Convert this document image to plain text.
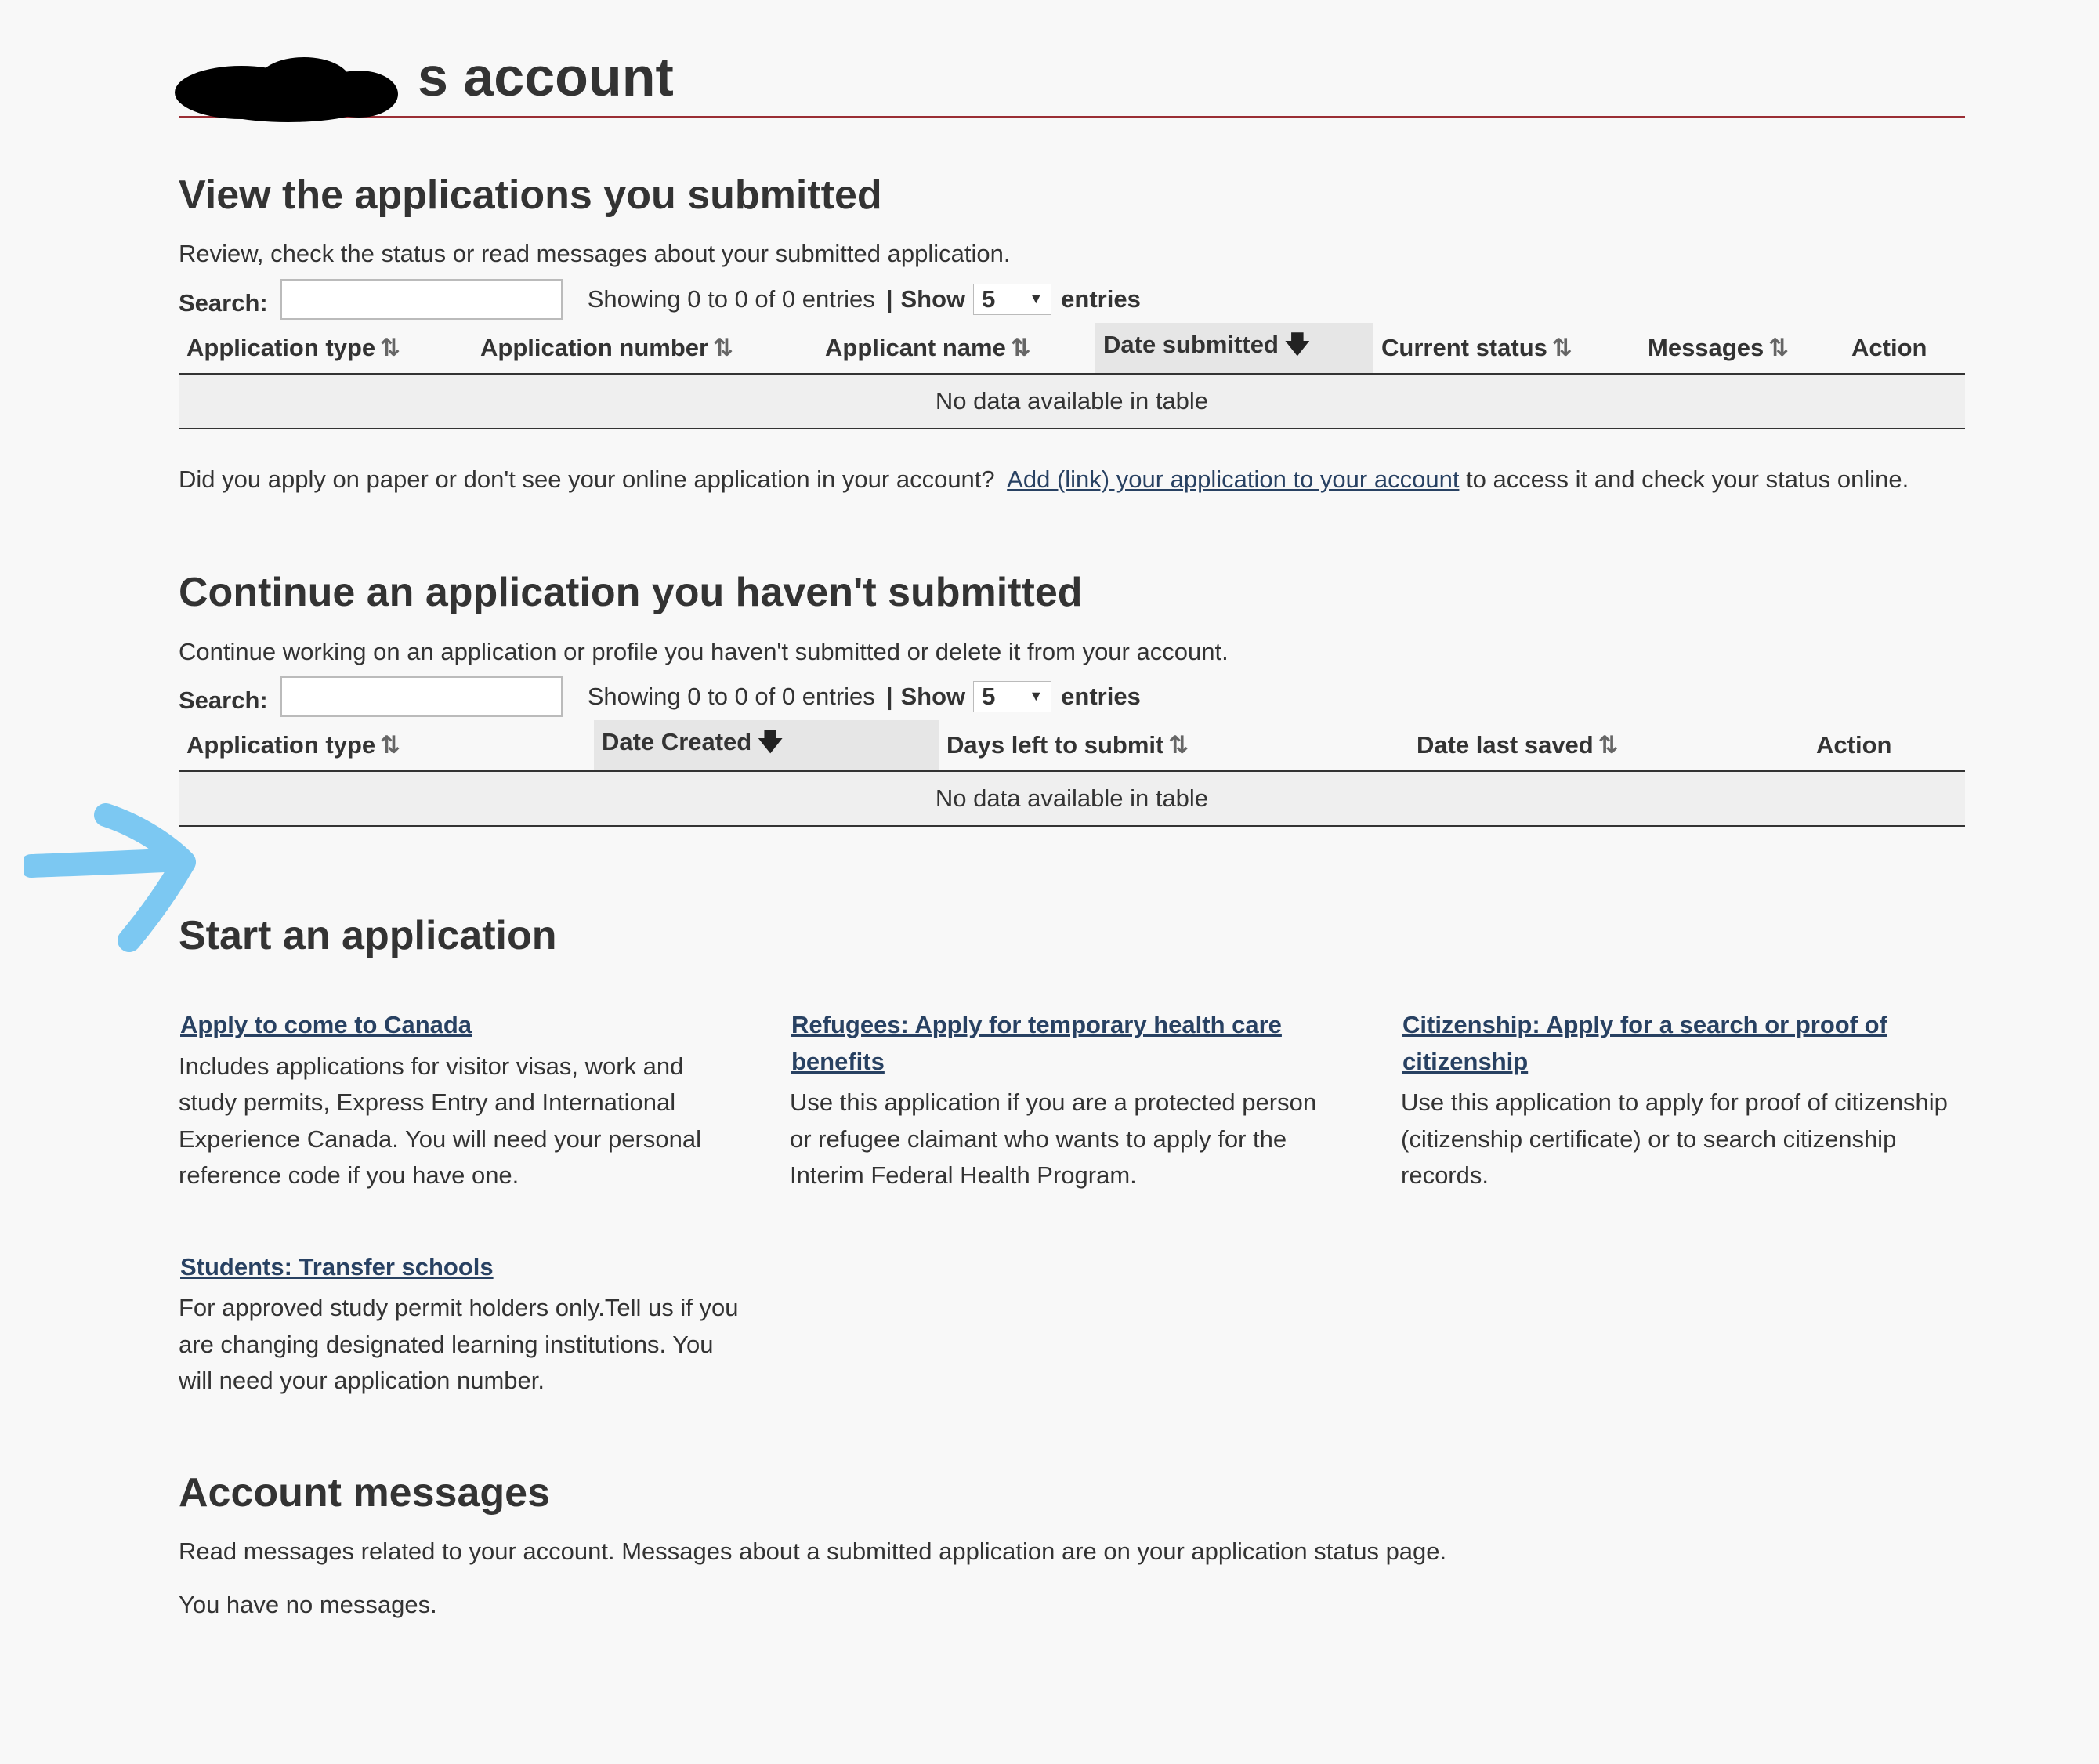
s account
View the applications you submitted

Review, check the status or read messages about your submitted application.

Search:	Showing 0 to 0 of 0 entries | Show 5 ▼ entries
Application type ⇅	Application number ⇅	Applicant name ⇅	Date submitted 🡇	Current status ⇅	Messages ⇅	Action
No data available in table

Did you apply on paper or don't see your online application in your account? Add (link) your application to your account to access it and check your status online.

Continue an application you haven't submitted

Continue working on an application or profile you haven't submitted or delete it from your account.

Search:	Showing 0 to 0 of 0 entries | Show 5 ▼ entries
Application type ⇅	Date Created 🡇	Days left to submit ⇅	Date last saved ⇅	Action
No data available in table
Start an application
Apply to come to Canada

Includes applications for visitor visas, work and study permits, Express Entry and International Experience Canada. You will need your personal reference code if you have one.

Refugees: Apply for temporary health care benefits

Use this application if you are a protected person or refugee claimant who wants to apply for the Interim Federal Health Program.

Citizenship: Apply for a search or proof of citizenship

Use this application to apply for proof of citizenship (citizenship certificate) or to search citizenship records.

Students: Transfer schools

For approved study permit holders only.Tell us if you are changing designated learning institutions. You will need your application number.

Account messages

Read messages related to your account. Messages about a submitted application are on your application status page.

You have no messages.
